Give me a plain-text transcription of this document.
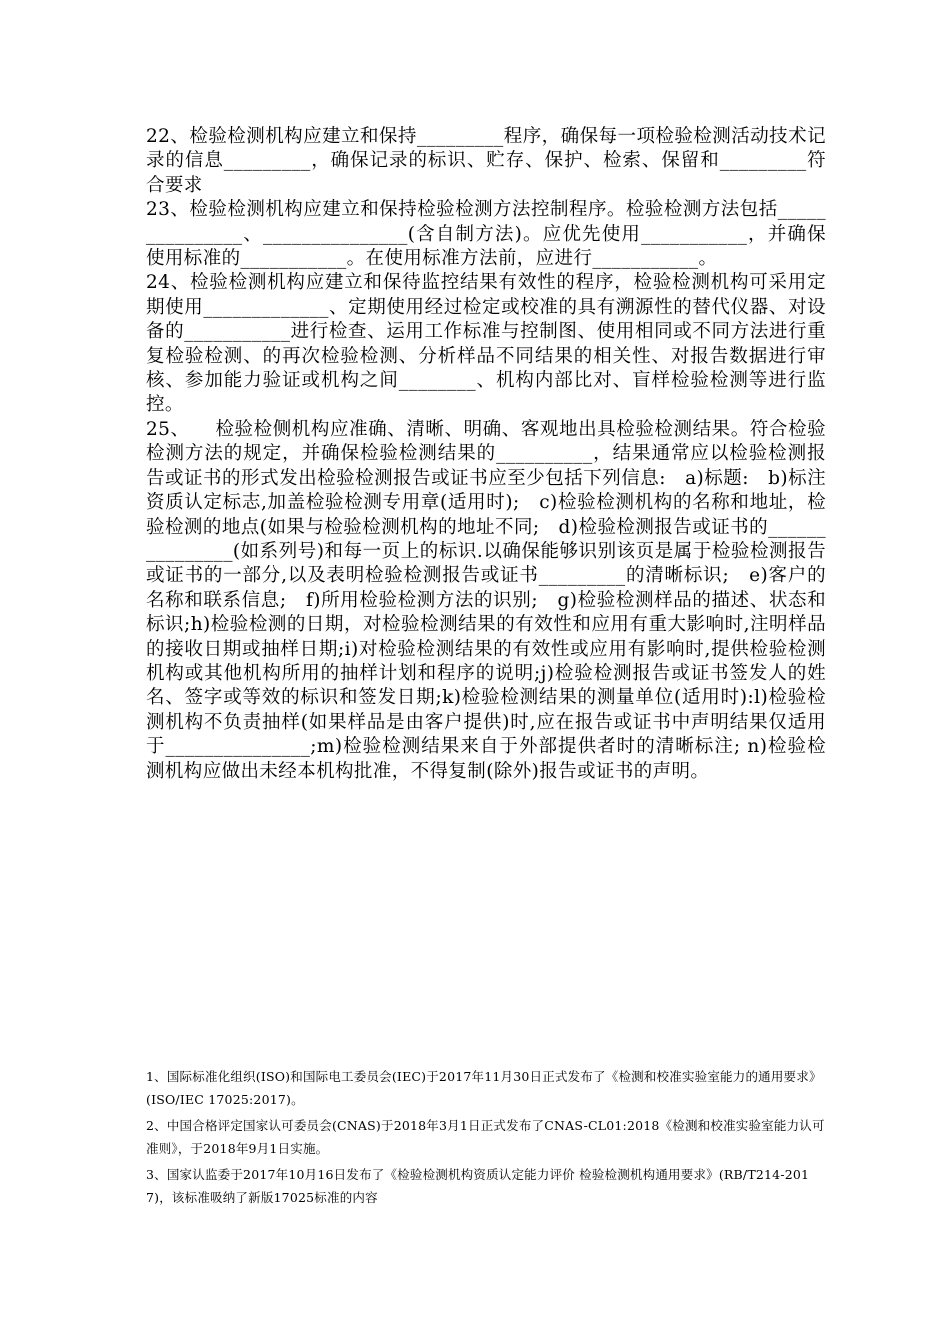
22、检验检测机构应建立和保持_________程序，确保每一项检验检测活动技术记录的信息_________，确保记录的标识、贮存、保护、检索、保留和_________符合要求

23、检验检测机构应建立和保持检验检测方法控制程序。检验检测方法包括_______________、_______________(含自制方法)。应优先使用___________，并确保使用标准的___________。在使用标准方法前，应进行___________。

24、检验检测机构应建立和保待监控结果有效性的程序，检验检测机构可采用定期使用_____________、定期使用经过检定或校准的具有溯源性的替代仪器、对设备的___________进行检查、运用工作标准与控制图、使用相同或不同方法进行重复检验检测、的再次检验检测、分析样品不同结果的相关性、对报告数据进行审核、参加能力验证或机构之间________、机构内部比对、盲样检验检测等进行监控。

25、    检验检侧机构应准确、清晰、明确、客观地出具检验检测结果。符合检验检测方法的规定，并确保检验检测结果的__________，结果通常应以检验检测报告或证书的形式发出检验检测报告或证书应至少包括下列信息:   a)标题:   b)标注资质认定标志,加盖检验检测专用章(适用时);   c)检验检测机构的名称和地址，检验检测的地点(如果与检验检测机构的地址不同;   d)检验检测报告或证书的_______________(如系列号)和每一页上的标识.以确保能够识别该页是属于检验检测报告或证书的一部分,以及表明检验检测报告或证书_________的清晰标识;   e)客户的名称和联系信息;   f)所用检验检测方法的识别;   g)检验检测样品的描述、状态和标识;h)检验检测的日期，对检验检测结果的有效性和应用有重大影响时,注明样品的接收日期或抽样日期;i)对检验检测结果的有效性或应用有影响时,提供检验检测机构或其他机构所用的抽样计划和程序的说明;j)检验检测报告或证书签发人的姓名、签字或等效的标识和签发日期;k)检验检测结果的测量单位(适用时):l)检验检测机构不负责抽样(如果样品是由客户提供)时,应在报告或证书中声明结果仅适用于_______________;m)检验检测结果来自于外部提供者时的清晰标注; n)检验检测机构应做出未经本机构批准，不得复制(除外)报告或证书的声明。

1、国际标准化组织(ISO)和国际电工委员会(IEC)于2017年11月30日正式发布了《检测和校准实验室能力的通用要求》(ISO/IEC 17025:2017)。

2、中国合格评定国家认可委员会(CNAS)于2018年3月1日正式发布了CNAS-CL01:2018《检测和校准实验室能力认可准则》，于2018年9月1日实施。

3、国家认监委于2017年10月16日发布了《检验检测机构资质认定能力评价 检验检测机构通用要求》(RB/T214-2017)，该标准吸纳了新版17025标准的内容
